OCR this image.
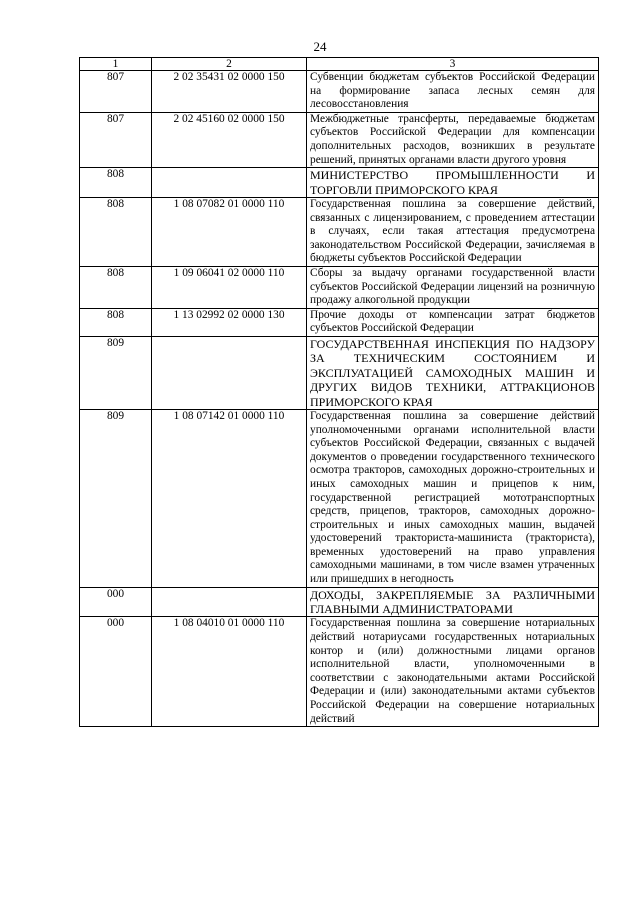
24
1	2	3
807	2 02 35431 02 0000 150	Субвенции бюджетам субъектов Российской Федерации на формирование запаса лесных семян для лесовосстановления
807	2 02 45160 02 0000 150	Межбюджетные трансферты, передаваемые бюджетам субъектов Российской Федерации для компенсации дополнительных расходов, возникших в результате решений, принятых органами власти другого уровня
808		МИНИСТЕРСТВО ПРОМЫШЛЕННОСТИ И ТОРГОВЛИ ПРИМОРСКОГО КРАЯ
808	1 08 07082 01 0000 110	Государственная пошлина за совершение действий, связанных с лицензированием, с проведением аттестации в случаях, если такая аттестация предусмотрена законодательством Российской Федерации, зачисляемая в бюджеты субъектов Российской Федерации
808	1 09 06041 02 0000 110	Сборы за выдачу органами государственной власти субъектов Российской Федерации лицензий на розничную продажу алкогольной продукции
808	1 13 02992 02 0000 130	Прочие доходы от компенсации затрат бюджетов субъектов Российской Федерации
809		ГОСУДАРСТВЕННАЯ ИНСПЕКЦИЯ ПО НАДЗОРУ ЗА ТЕХНИЧЕСКИМ СОСТОЯНИЕМ И ЭКСПЛУАТАЦИЕЙ САМОХОДНЫХ МАШИН И ДРУГИХ ВИДОВ ТЕХНИКИ, АТТРАКЦИОНОВ ПРИМОРСКОГО КРАЯ
809	1 08 07142 01 0000 110	Государственная пошлина за совершение действий уполномоченными органами исполнительной власти субъектов Российской Федерации, связанных с выдачей документов о проведении государственного технического осмотра тракторов, самоходных дорожно-строительных и иных самоходных машин и прицепов к ним, государственной регистрацией мототранспортных средств, прицепов, тракторов, самоходных дорожно-строительных и иных самоходных машин, выдачей удостоверений тракториста-машиниста (тракториста), временных удостоверений на право управления самоходными машинами, в том числе взамен утраченных или пришедших в негодность
000		ДОХОДЫ, ЗАКРЕПЛЯЕМЫЕ ЗА РАЗЛИЧНЫМИ ГЛАВНЫМИ АДМИНИСТРАТОРАМИ
000	1 08 04010 01 0000 110	Государственная пошлина за совершение нотариальных действий нотариусами государственных нотариальных контор и (или) должностными лицами органов исполнительной власти, уполномоченными в соответствии с законодательными актами Российской Федерации и (или) законодательными актами субъектов Российской Федерации на совершение нотариальных действий
